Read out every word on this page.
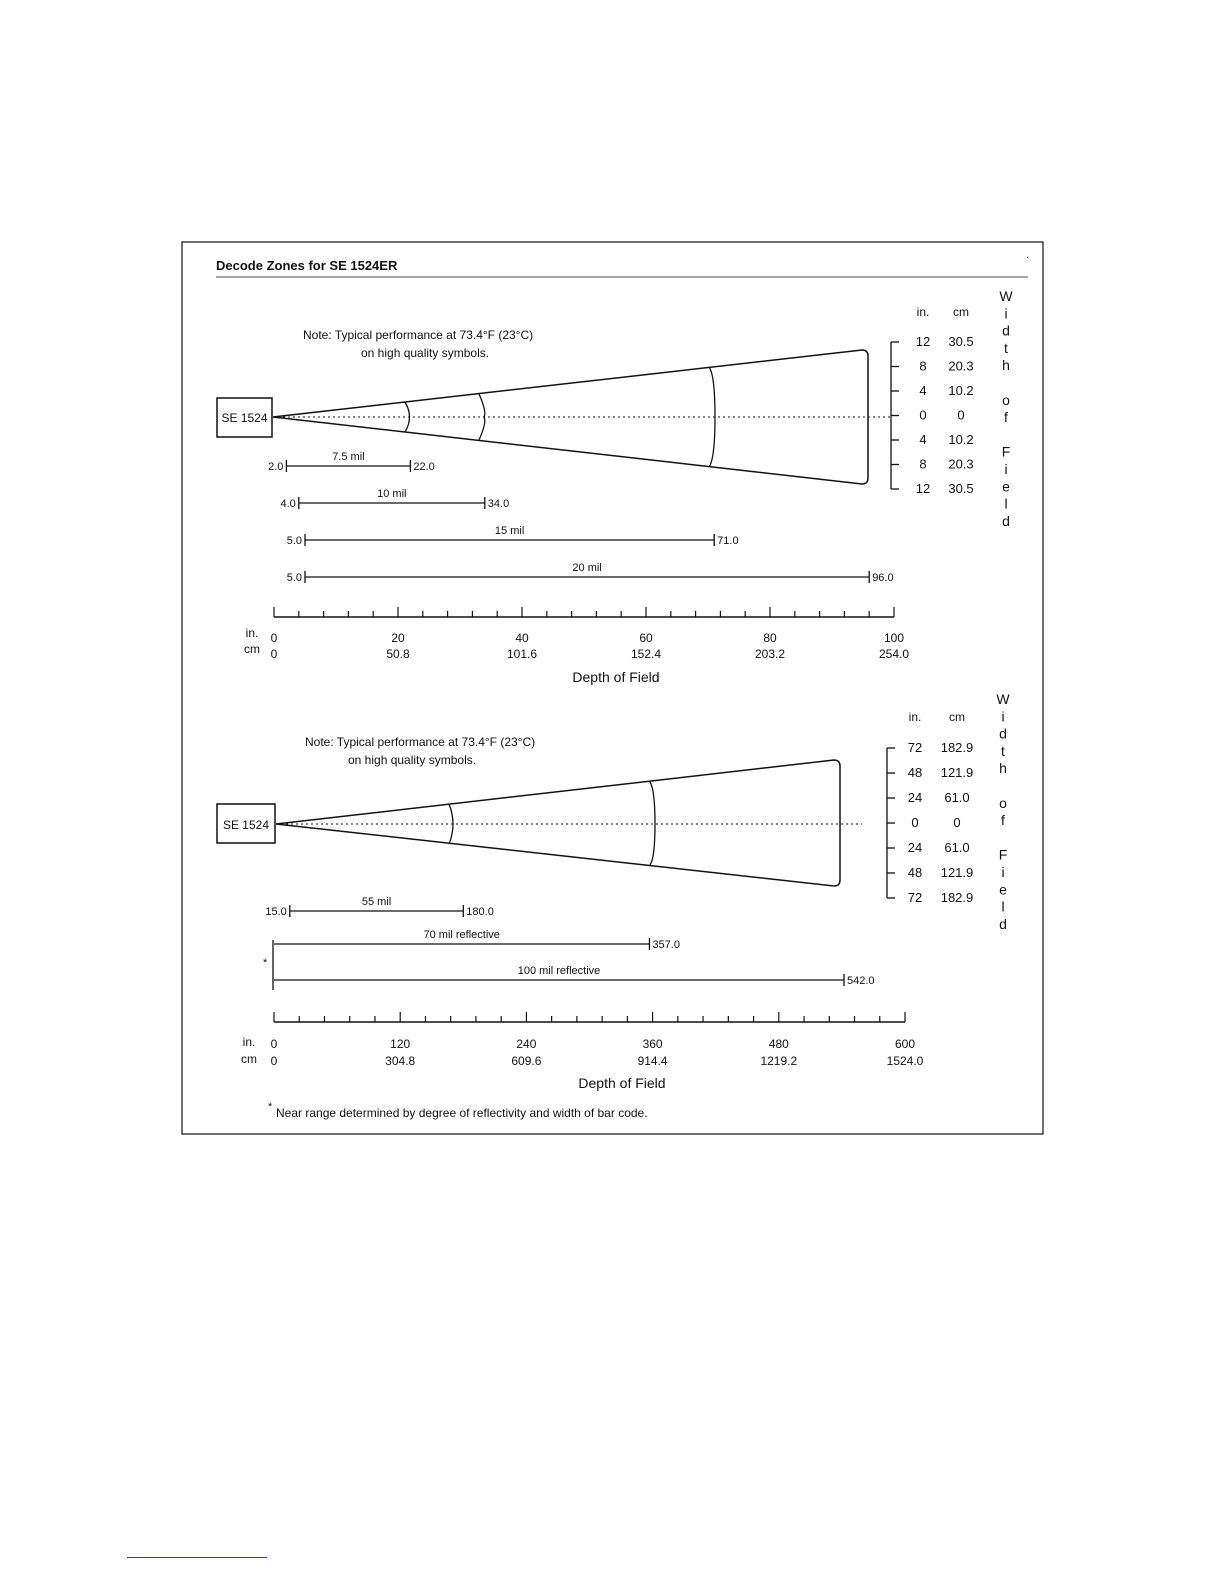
Decode Zones for SE 1524ER
.
Note: Typical performance at 73.4°F (23°C)
on high quality symbols.
SE 1524
in. cm
12 30.5
8 20.3
4 10.2
0 0
4 10.2
8 20.3
12 30.5
W
i
d
t
h
o
f
F
i
e
l
d
2.0	22.0
7.5 mil
4.0	34.0
10 mil
5.0	71.0
15 mil
5.0	96.0
20 mil
in.
cm
Depth of Field
0
0
20
50.8
40
101.6
60
152.4
80
203.2
100
254.0
Note: Typical performance at 73.4°F (23°C)
on high quality symbols.
SE 1524
in. cm
72 182.9
48 121.9
24 61.0
0	0
24 61.0
48 121.9
72 182.9
W
i
d
t
h
o
f
F
i
e
l
d
*
15.0	180.0
55 mil
357.0
70 mil reflective
542.0
100 mil reflective
in.
cm
Depth of Field
0
0
120
304.8
240
609.6
360
914.4
480
1219.2
600
1524.0
* Near range determined by degree of reflectivity and width of bar code.
